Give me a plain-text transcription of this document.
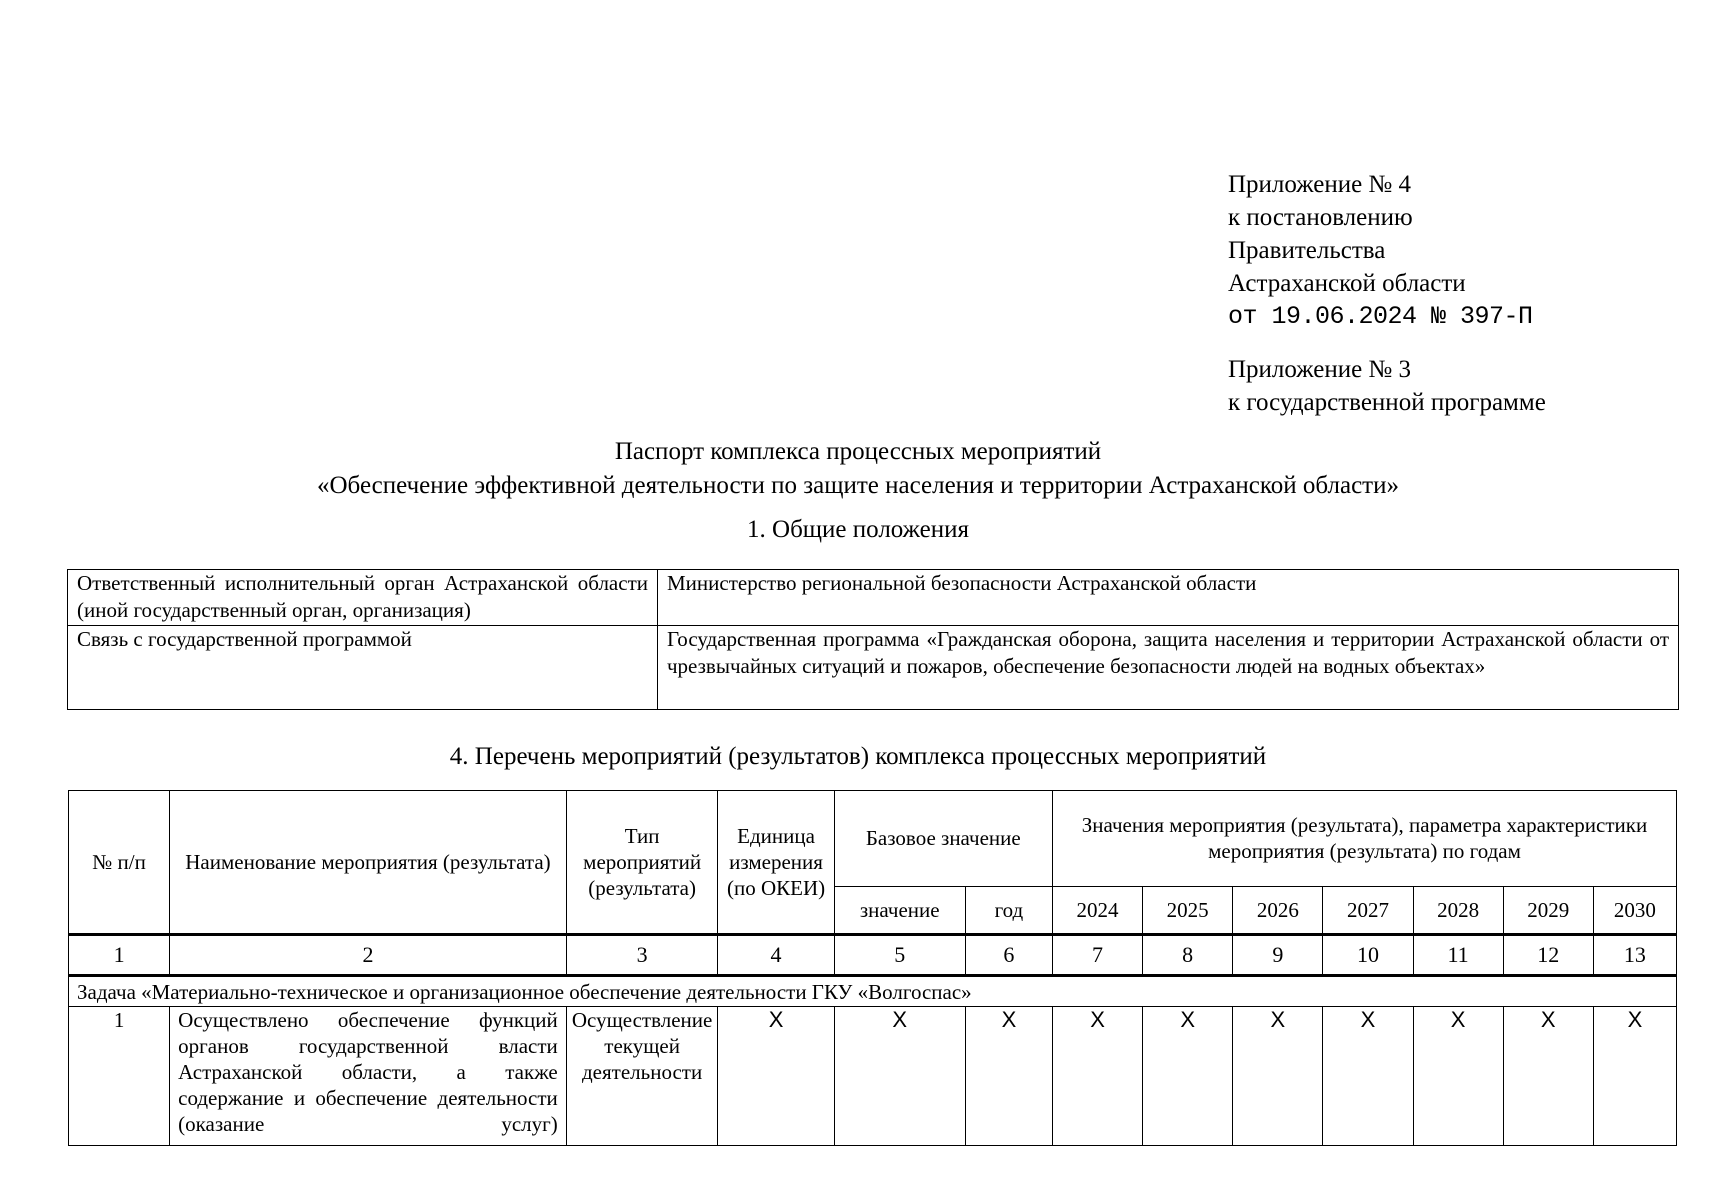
Приложение № 4
к постановлению
Правительства
Астраханской области
от 19.06.2024 № 397-П
Приложение № 3
к государственной программе
Паспорт комплекса процессных мероприятий
«Обеспечение эффективной деятельности по защите населения и территории Астраханской области»
1. Общие положения
Ответственный исполнительный орган Астраханской области (иной государственный орган, организация)	Министерство региональной безопасности Астраханской области
Связь с государственной программой	Государственная программа «Гражданская оборона, защита населения и территории Астраханской области от чрезвычайных ситуаций и пожаров, обеспечение безопасности людей на водных объектах»
4. Перечень мероприятий (результатов) комплекса процессных мероприятий
№ п/п	Наименование мероприятия (результата)	Тип мероприятий (результата)	Единица измерения (по ОКЕИ)	Базовое значение		Значения мероприятия (результата), параметра характеристики мероприятия (результата) по годам						
				значение	год	2024	2025	2026	2027	2028	2029	2030
1	2	3	4	5	6	7	8	9	10	11	12	13
Задача «Материально-техническое и организационное обеспечение деятельности ГКУ «Волгоспас»												
1	Осуществлено обеспечение функций органов государственной власти Астраханской области, а также содержание и обеспечение деятельности (оказание услуг)	Осуществление текущей деятельности	Х	Х	Х	Х	Х	Х	Х	Х	Х	Х
